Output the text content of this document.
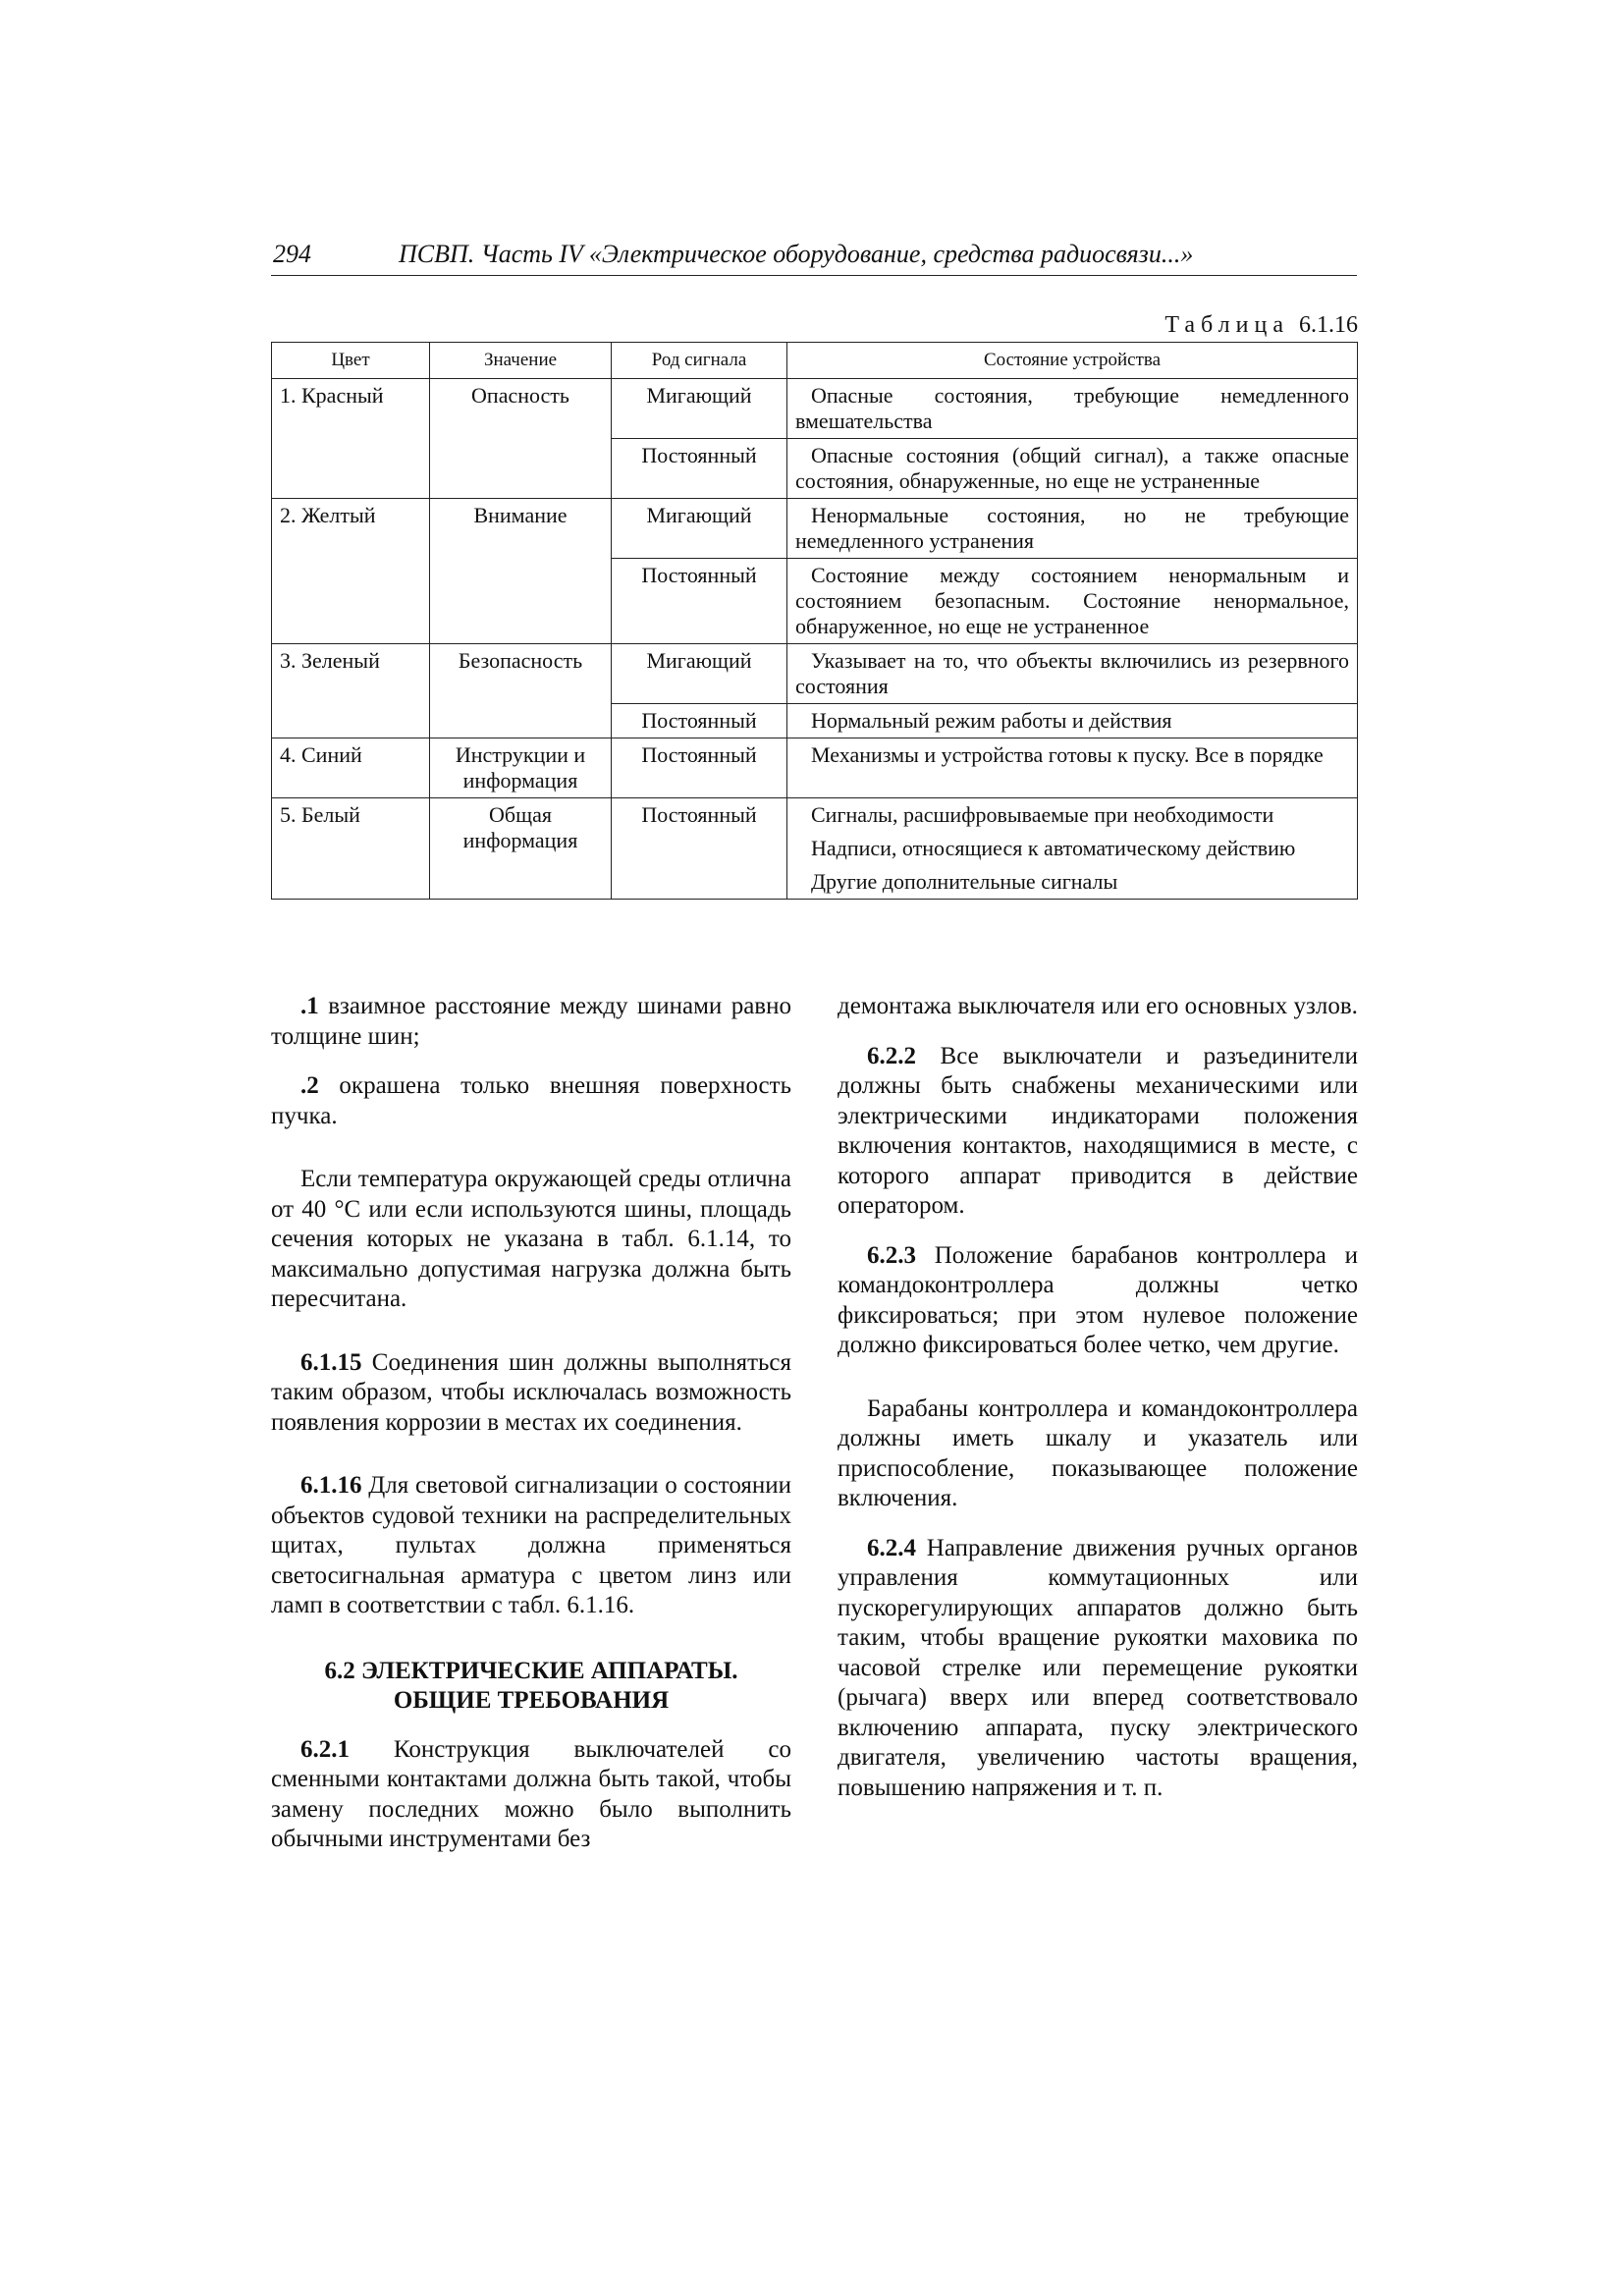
294	ПСВП. Часть IV «Электрическое оборудование, средства радиосвязи...»
Таблица 6.1.16
Цвет	Значение	Род сигнала	Состояние устройства
1. Красный	Опасность	Мигающий	Опасные состояния, требующие немедленного вмешательства
		Постоянный	Опасные состояния (общий сигнал), а также опасные состояния, обнаруженные, но еще не устраненные
2. Желтый	Внимание	Мигающий	Ненормальные состояния, но не требующие немедленного устранения
		Постоянный	Состояние между состоянием ненормальным и состоянием безопасным. Состояние ненормальное, обнаруженное, но еще не устраненное
3. Зеленый	Безопасность	Мигающий	Указывает на то, что объекты включились из резервного состояния
		Постоянный	Нормальный режим работы и действия
4. Синий	Инструкции и информация	Постоянный	Механизмы и устройства готовы к пуску. Все в порядке
5. Белый	Общая информация	Постоянный	Сигналы, расшифровываемые при необходимости
Надписи, относящиеся к автоматическому действию
Другие дополнительные сигналы

.1 взаимное расстояние между шинами равно толщине шин;

.2 окрашена только внешняя поверхность пучка.

Если температура окружающей среды отлична от 40 °С или если используются шины, площадь сечения которых не указана в табл. 6.1.14, то максимально допустимая нагрузка должна быть пересчитана.

6.1.15 Соединения шин должны выполняться таким образом, чтобы исключалась возможность появления коррозии в местах их соединения.

6.1.16 Для световой сигнализации о состоянии объектов судовой техники на распределительных щитах, пультах должна применяться светосигнальная арматура с цветом линз или ламп в соответствии с табл. 6.1.16.

6.2 ЭЛЕКТРИЧЕСКИЕ АППАРАТЫ.
ОБЩИЕ ТРЕБОВАНИЯ

6.2.1 Конструкция выключателей со сменными контактами должна быть такой, чтобы замену последних можно было выполнить обычными инструментами без

демонтажа выключателя или его основных узлов.

6.2.2 Все выключатели и разъединители должны быть снабжены механическими или электрическими индикаторами положения включения контактов, находящимися в месте, с которого аппарат приводится в действие оператором.

6.2.3 Положение барабанов контроллера и командоконтроллера должны четко фиксироваться; при этом нулевое положение должно фиксироваться более четко, чем другие.

Барабаны контроллера и командоконтроллера должны иметь шкалу и указатель или приспособление, показывающее положение включения.

6.2.4 Направление движения ручных органов управления коммутационных или пускорегулирующих аппаратов должно быть таким, чтобы вращение рукоятки маховика по часовой стрелке или перемещение рукоятки (рычага) вверх или вперед соответствовало включению аппарата, пуску электрического двигателя, увеличению частоты вращения, повышению напряжения и т. п.
